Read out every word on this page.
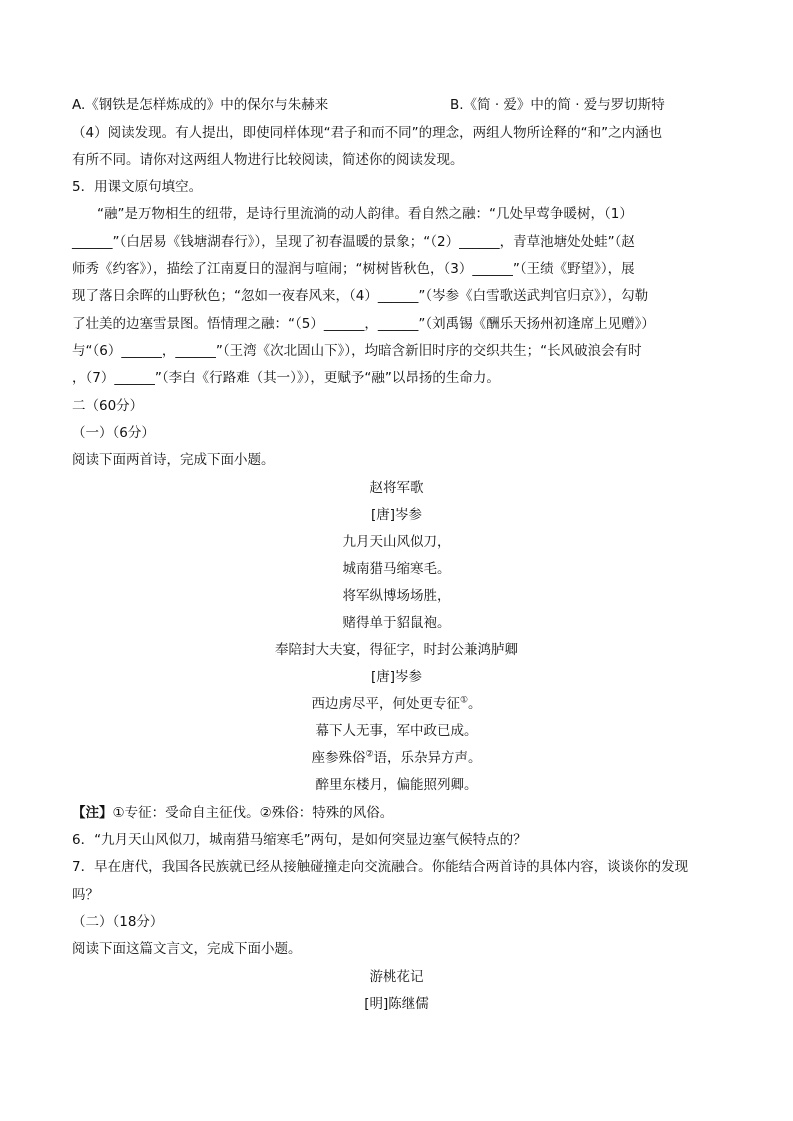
A.《钢铁是怎样炼成的》中的保尔与朱赫来	B.《简 · 爱》中的简 · 爱与罗切斯特
（4）阅读发现。有人提出，即使同样体现“君子和而不同”的理念，两组人物所诠释的“和”之内涵也
有所不同。请你对这两组人物进行比较阅读，简述你的阅读发现。
5．用课文原句填空。
“融”是万物相生的纽带，是诗行里流淌的动人韵律。看自然之融：“几处早莺争暖树，（1）
______”（白居易《钱塘湖春行》），呈现了初春温暖的景象；“（2）______，青草池塘处处蛙”（赵
师秀《约客》），描绘了江南夏日的湿润与喧闹；“树树皆秋色，（3）______”（王绩《野望》），展
现了落日余晖的山野秋色；“忽如一夜春风来，（4）______”（岑参《白雪歌送武判官归京》），勾勒
了壮美的边塞雪景图。悟情理之融：“（5）______，______”（刘禹锡《酬乐天扬州初逢席上见赠》）
与“（6）______，______”（王湾《次北固山下》），均暗含新旧时序的交织共生；“长风破浪会有时
，（7）______”（李白《行路难（其一）》），更赋予“融”以昂扬的生命力。
二（60分）
（一）（6分）
阅读下面两首诗，完成下面小题。
赵将军歌
[唐]岑参
九月天山风似刀，
城南猎马缩寒毛。
将军纵博场场胜，
赌得单于貂鼠袍。
奉陪封大夫宴，得征字，时封公兼鸿胪卿
[唐]岑参
西边虏尽平，何处更专征①。
幕下人无事，军中政已成。
座参殊俗②语，乐杂异方声。
醉里东楼月，偏能照列卿。
【注】①专征：受命自主征伐。②殊俗：特殊的风俗。
6．“九月天山风似刀，城南猎马缩寒毛”两句，是如何突显边塞气候特点的？
7．早在唐代，我国各民族就已经从接触碰撞走向交流融合。你能结合两首诗的具体内容，谈谈你的发现
吗？
（二）（18分）
阅读下面这篇文言文，完成下面小题。
游桃花记
[明]陈继儒
